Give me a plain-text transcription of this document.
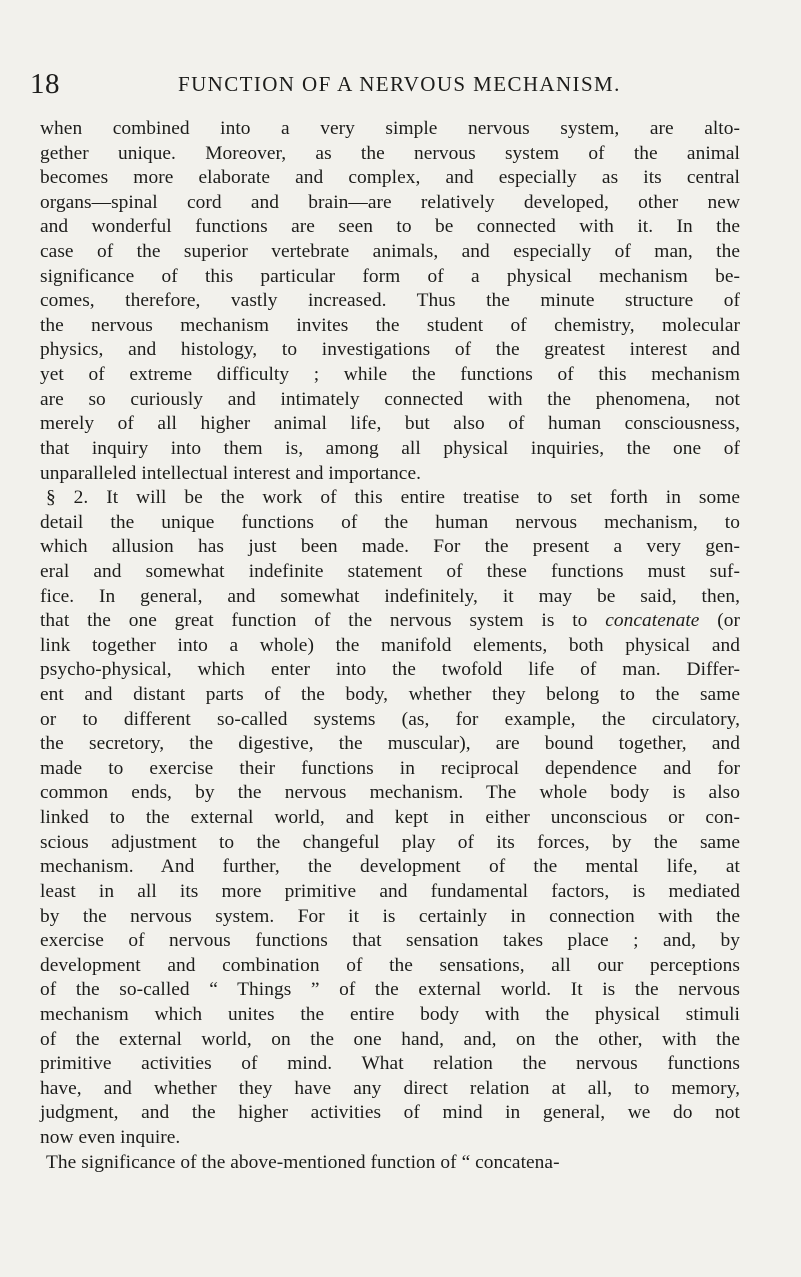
18	FUNCTION OF A NERVOUS MECHANISM.
when combined into a very simple nervous system, are alto-
gether unique. Moreover, as the nervous system of the animal
becomes more elaborate and complex, and especially as its central
organs—spinal cord and brain—are relatively developed, other new
and wonderful functions are seen to be connected with it. In the
case of the superior vertebrate animals, and especially of man, the
significance of this particular form of a physical mechanism be-
comes, therefore, vastly increased. Thus the minute structure of
the nervous mechanism invites the student of chemistry, molecular
physics, and histology, to investigations of the greatest interest and
yet of extreme difficulty ; while the functions of this mechanism
are so curiously and intimately connected with the phenomena, not
merely of all higher animal life, but also of human consciousness,
that inquiry into them is, among all physical inquiries, the one of
unparalleled intellectual interest and importance.
§ 2. It will be the work of this entire treatise to set forth in some
detail the unique functions of the human nervous mechanism, to
which allusion has just been made. For the present a very gen-
eral and somewhat indefinite statement of these functions must suf-
fice. In general, and somewhat indefinitely, it may be said, then,
that the one great function of the nervous system is to concatenate (or
link together into a whole) the manifold elements, both physical and
psycho-physical, which enter into the twofold life of man. Differ-
ent and distant parts of the body, whether they belong to the same
or to different so-called systems (as, for example, the circulatory,
the secretory, the digestive, the muscular), are bound together, and
made to exercise their functions in reciprocal dependence and for
common ends, by the nervous mechanism. The whole body is also
linked to the external world, and kept in either unconscious or con-
scious adjustment to the changeful play of its forces, by the same
mechanism. And further, the development of the mental life, at
least in all its more primitive and fundamental factors, is mediated
by the nervous system. For it is certainly in connection with the
exercise of nervous functions that sensation takes place ; and, by
development and combination of the sensations, all our perceptions
of the so-called “ Things ” of the external world. It is the nervous
mechanism which unites the entire body with the physical stimuli
of the external world, on the one hand, and, on the other, with the
primitive activities of mind. What relation the nervous functions
have, and whether they have any direct relation at all, to memory,
judgment, and the higher activities of mind in general, we do not
now even inquire.
The significance of the above-mentioned function of “ concatena-
